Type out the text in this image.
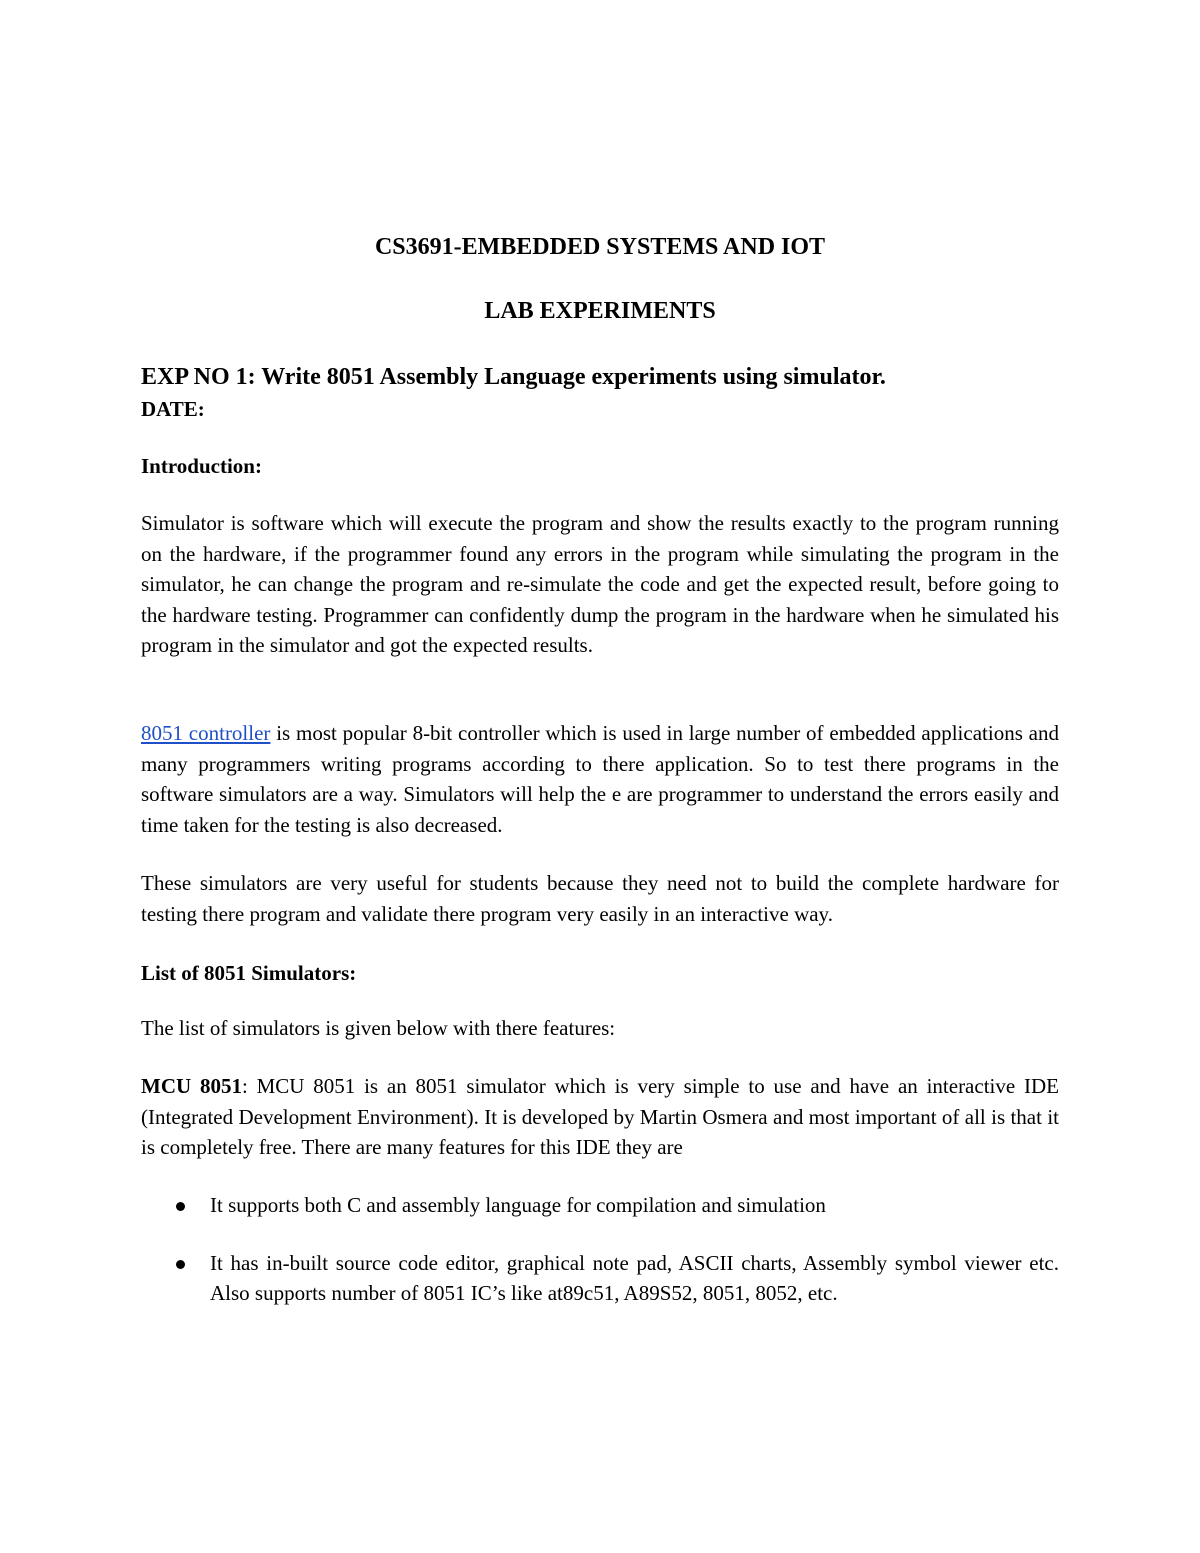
CS3691-EMBEDDED SYSTEMS AND IOT
LAB EXPERIMENTS

EXP NO 1: Write 8051 Assembly Language experiments using simulator.

DATE:

Introduction:

Simulator is software which will execute the program and show the results exactly to the program running on the hardware, if the programmer found any errors in the program while simulating the program in the simulator, he can change the program and re-simulate the code and get the expected result, before going to the hardware testing. Programmer can confidently dump the program in the hardware when he simulated his program in the simulator and got the expected results.

8051 controller is most popular 8-bit controller which is used in large number of embedded applications and many programmers writing programs according to there application. So to test there programs in the software simulators are a way. Simulators will help the e are programmer to understand the errors easily and time taken for the testing is also decreased.

These simulators are very useful for students because they need not to build the complete hardware for testing there program and validate there program very easily in an interactive way.

List of 8051 Simulators:

The list of simulators is given below with there features:

MCU 8051: MCU 8051 is an 8051 simulator which is very simple to use and have an interactive IDE (Integrated Development Environment). It is developed by Martin Osmera and most important of all is that it is completely free. There are many features for this IDE they are

It supports both C and assembly language for compilation and simulation

It has in-built source code editor, graphical note pad, ASCII charts, Assembly symbol viewer etc. Also supports number of 8051 IC’s like at89c51, A89S52, 8051, 8052, etc.
